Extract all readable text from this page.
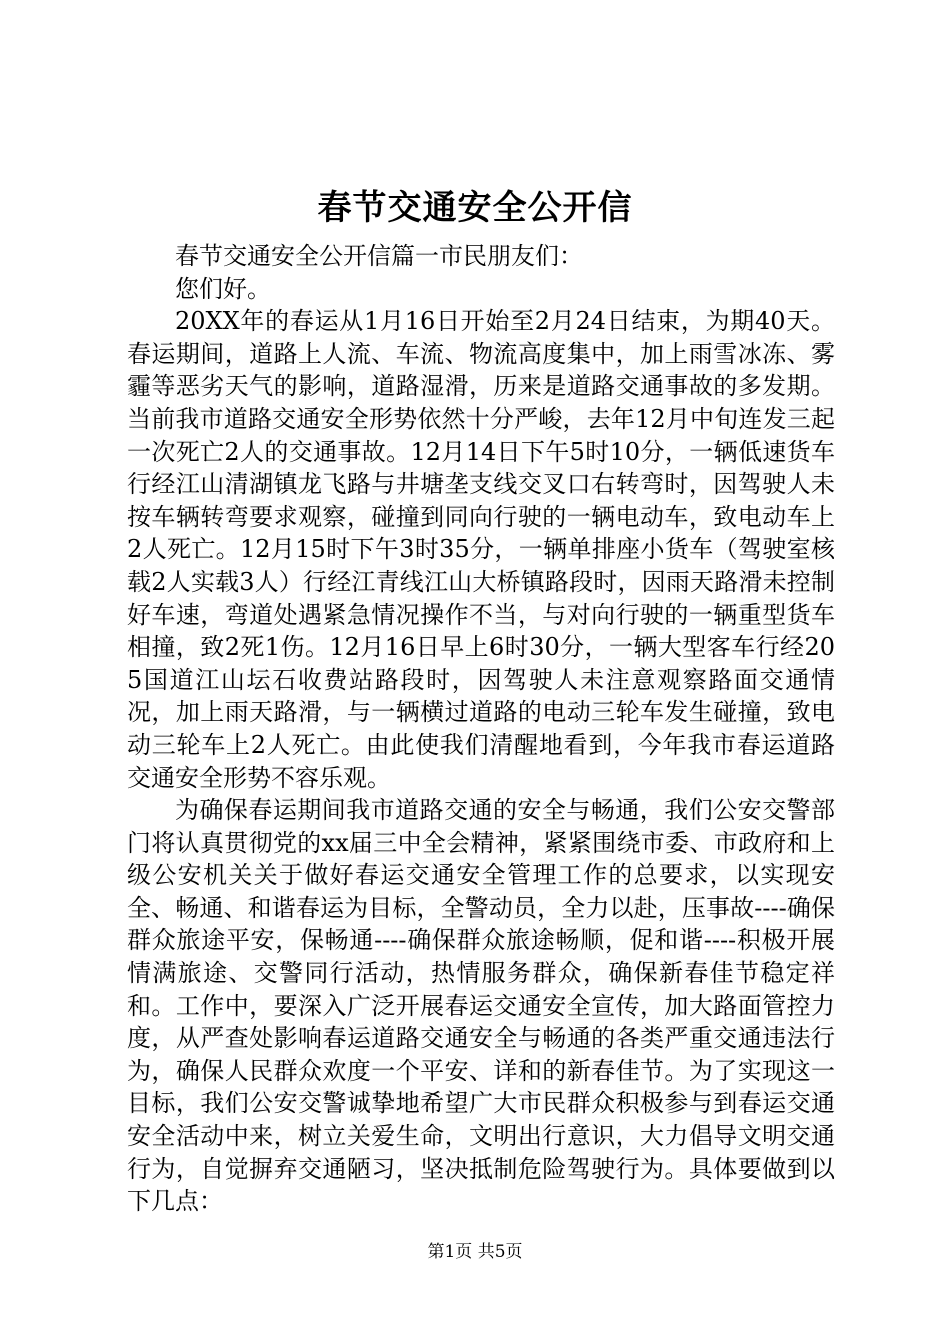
春节交通安全公开信

春节交通安全公开信篇一市民朋友们：

您们好。

20XX年的春运从1月16日开始至2月24日结束，为期40天。春运期间，道路上人流、车流、物流高度集中，加上雨雪冰冻、雾霾等恶劣天气的影响，道路湿滑，历来是道路交通事故的多发期。当前我市道路交通安全形势依然十分严峻，去年12月中旬连发三起一次死亡2人的交通事故。12月14日下午5时10分，一辆低速货车行经江山清湖镇龙飞路与井塘垄支线交叉口右转弯时，因驾驶人未按车辆转弯要求观察，碰撞到同向行驶的一辆电动车，致电动车上2人死亡。12月15时下午3时35分，一辆单排座小货车（驾驶室核载2人实载3人）行经江青线江山大桥镇路段时，因雨天路滑未控制好车速，弯道处遇紧急情况操作不当，与对向行驶的一辆重型货车相撞，致2死1伤。12月16日早上6时30分，一辆大型客车行经205国道江山坛石收费站路段时，因驾驶人未注意观察路面交通情况，加上雨天路滑，与一辆横过道路的电动三轮车发生碰撞，致电动三轮车上2人死亡。由此使我们清醒地看到，今年我市春运道路交通安全形势不容乐观。

为确保春运期间我市道路交通的安全与畅通，我们公安交警部门将认真贯彻党的xx届三中全会精神，紧紧围绕市委、市政府和上级公安机关关于做好春运交通安全管理工作的总要求，以实现安全、畅通、和谐春运为目标，全警动员，全力以赴，压事故----确保群众旅途平安，保畅通----确保群众旅途畅顺，促和谐----积极开展情满旅途、交警同行活动，热情服务群众，确保新春佳节稳定祥和。工作中，要深入广泛开展春运交通安全宣传，加大路面管控力度，从严查处影响春运道路交通安全与畅通的各类严重交通违法行为，确保人民群众欢度一个平安、详和的新春佳节。为了实现这一目标，我们公安交警诚挚地希望广大市民群众积极参与到春运交通安全活动中来，树立关爱生命，文明出行意识，大力倡导文明交通行为，自觉摒弃交通陋习，坚决抵制危险驾驶行为。具体要做到以下几点：

第1页 共5页
